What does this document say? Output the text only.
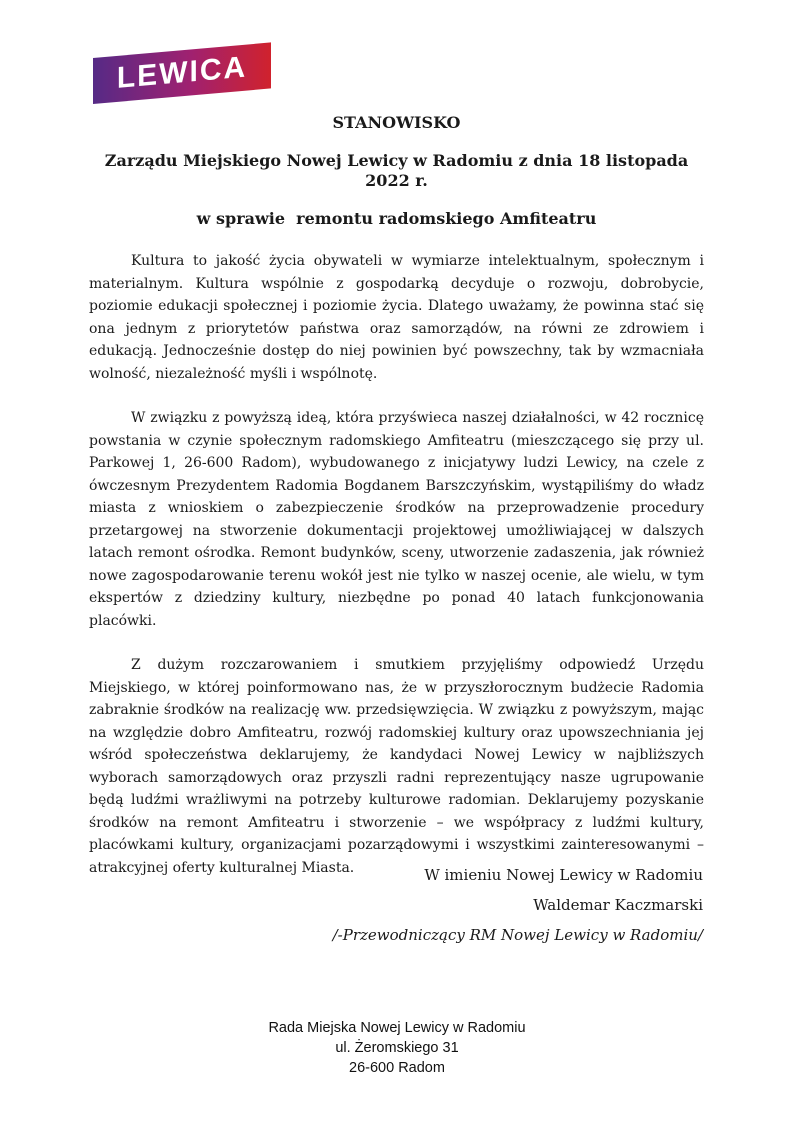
LEWICA
STANOWISKO
Zarządu Miejskiego Nowej Lewicy w Radomiu z dnia 18 listopada 2022 r.
w sprawie  remontu radomskiego Amfiteatru

Kultura to jakość życia obywateli w wymiarze intelektualnym, społecznym i materialnym. Kultura wspólnie z gospodarką decyduje o rozwoju, dobrobycie, poziomie edukacji społecznej i poziomie życia. Dlatego uważamy, że powinna stać się ona jednym z priorytetów państwa oraz samorządów, na równi ze zdrowiem i edukacją. Jednocześnie dostęp do niej powinien być powszechny, tak by wzmacniała wolność, niezależność myśli i wspólnotę.

W związku z powyższą ideą, która przyświeca naszej działalności, w 42 rocznicę powstania w czynie społecznym radomskiego Amfiteatru (mieszczącego się przy ul. Parkowej 1, 26-600 Radom), wybudowanego z inicjatywy ludzi Lewicy, na czele z ówczesnym Prezydentem Radomia Bogdanem Barszczyńskim, wystąpiliśmy do władz miasta z wnioskiem o zabezpieczenie środków na przeprowadzenie procedury przetargowej na stworzenie dokumentacji projektowej umożliwiającej w dalszych latach remont ośrodka. Remont budynków, sceny, utworzenie zadaszenia, jak również nowe zagospodarowanie terenu wokół jest nie tylko w naszej ocenie, ale wielu, w tym ekspertów z dziedziny kultury, niezbędne po ponad 40 latach funkcjonowania placówki.

Z dużym rozczarowaniem i smutkiem przyjęliśmy odpowiedź Urzędu Miejskiego, w której poinformowano nas, że w przyszłorocznym budżecie Radomia zabraknie środków na realizację ww. przedsięwzięcia. W związku z powyższym, mając na względzie dobro Amfiteatru, rozwój radomskiej kultury oraz upowszechniania jej wśród społeczeństwa deklarujemy, że kandydaci Nowej Lewicy w najbliższych wyborach samorządowych oraz przyszli radni reprezentujący nasze ugrupowanie będą ludźmi wrażliwymi na potrzeby kulturowe radomian. Deklarujemy pozyskanie środków na remont Amfiteatru i stworzenie – we współpracy z ludźmi kultury, placówkami kultury, organizacjami pozarządowymi i wszystkimi zainteresowanymi – atrakcyjnej oferty kulturalnej Miasta.	W imieniu Nowej Lewicy w Radomiu
Waldemar Kaczmarski
/-Przewodniczący RM Nowej Lewicy w Radomiu/
Rada Miejska Nowej Lewicy w Radomiu
ul. Żeromskiego 31
26-600 Radom
